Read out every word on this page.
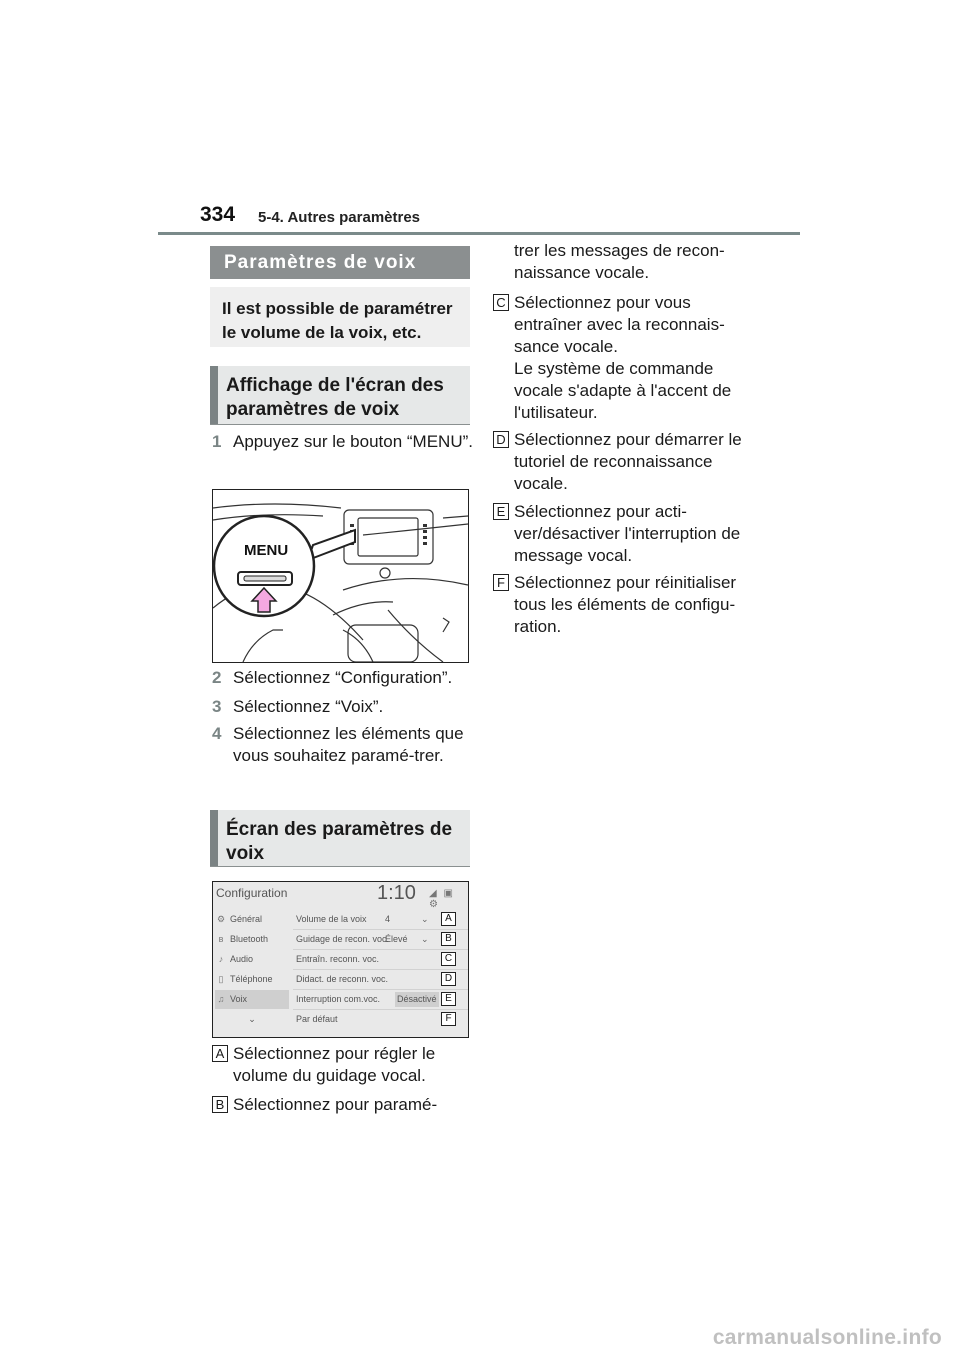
334 5-4. Autres paramètres
Paramètres de voix
Il est possible de paramétrer le volume de la voix, etc.
Affichage de l'écran des paramètres de voix
1 Appuyez sur le bouton “MENU”.
MENU
2 Sélectionnez “Configuration”.
3 Sélectionnez “Voix”.
4 Sélectionnez les éléments que vous souhaitez paramé-trer.
Écran des paramètres de voix
Configuration	1:10 ◢ ▣ ⚙
⚙ Général
ʙ Bluetooth
♪ Audio
▯ Téléphone
♫ Voix
⌄
Volume de la voix 4	⌄
Guidage de recon. voc.
Élevé ⌄
Entraîn. reconn. voc.
Didact. de reconn. voc.
Interruption com.voc. Désactivé
Par défaut
A
B
C
D
E
F
A Sélectionnez pour régler le volume du guidage vocal.
B Sélectionnez pour paramé-
trer les messages de recon-naissance vocale.

C Sélectionnez pour vous entraîner avec la reconnais-sance vocale.
Le système de commande vocale s'adapte à l'accent de l'utilisateur.

D Sélectionnez pour démarrer le tutoriel de reconnaissance vocale.
E Sélectionnez pour acti-ver/désactiver l'interruption de message vocal.
F Sélectionnez pour réinitialiser tous les éléments de configu-ration.
carmanualsonline.info
